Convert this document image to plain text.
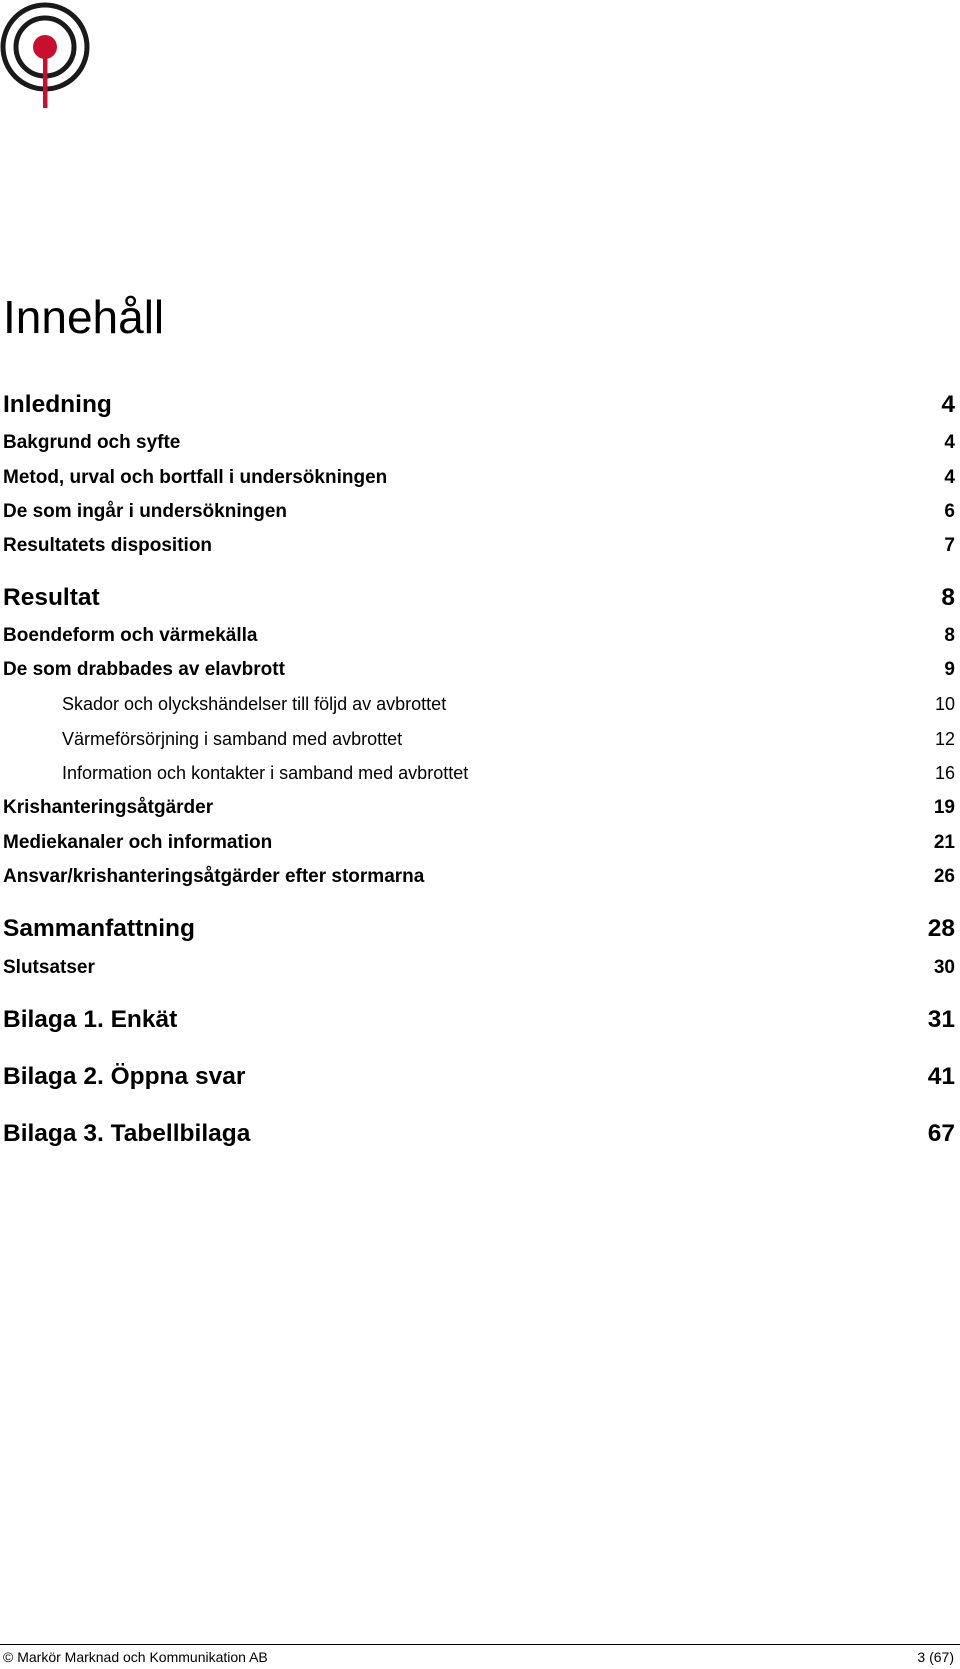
Innehåll
Inledning	4
Bakgrund och syfte	4
Metod, urval och bortfall i undersökningen	4
De som ingår i undersökningen	6
Resultatets disposition	7
Resultat	8
Boendeform och värmekälla	8
De som drabbades av elavbrott	9
Skador och olyckshändelser till följd av avbrottet	10
Värmeförsörjning i samband med avbrottet	12
Information och kontakter i samband med avbrottet	16
Krishanteringsåtgärder	19
Mediekanaler och information	21
Ansvar/krishanteringsåtgärder efter stormarna	26
Sammanfattning	28
Slutsatser	30
Bilaga 1. Enkät	31
Bilaga 2. Öppna svar	41
Bilaga 3. Tabellbilaga	67
© Markör Marknad och Kommunikation AB	3 (67)
